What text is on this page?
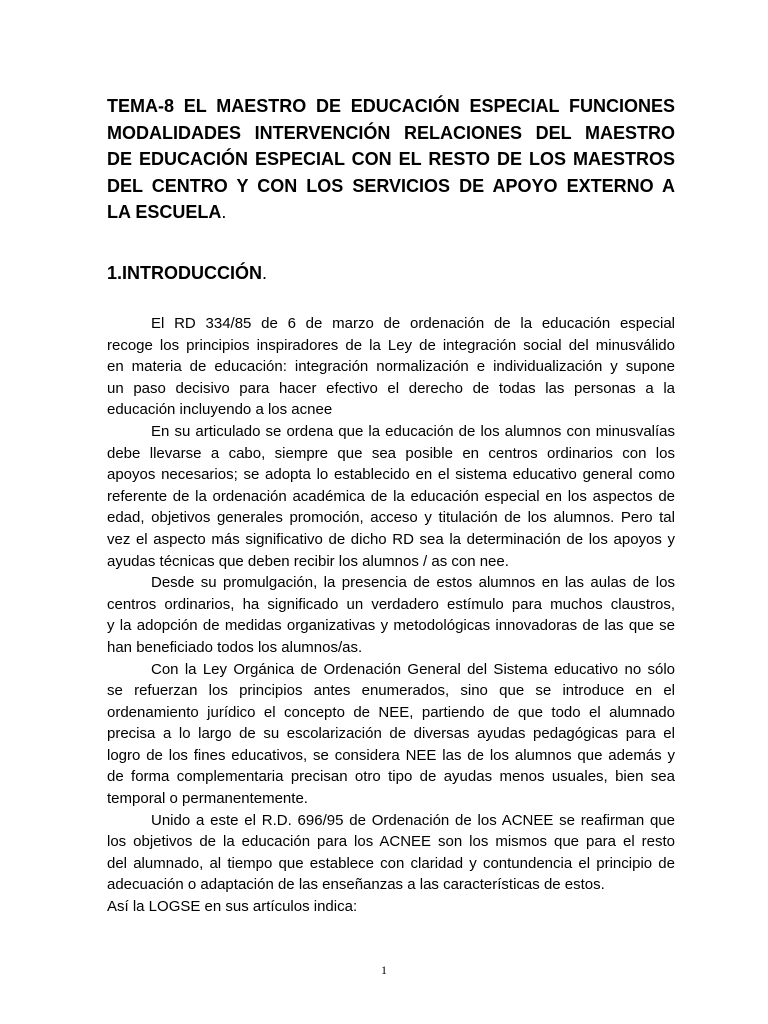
TEMA-8 EL MAESTRO DE EDUCACIÓN ESPECIAL FUNCIONES
MODALIDADES INTERVENCIÓN RELACIONES DEL MAESTRO
DE EDUCACIÓN ESPECIAL CON EL RESTO DE LOS MAESTROS
DEL CENTRO Y CON LOS SERVICIOS DE APOYO EXTERNO A
LA ESCUELA.
1.INTRODUCCIÓN.
El RD 334/85 de 6 de marzo de ordenación de la educación especial
recoge los principios inspiradores de la Ley de integración social del minusválido
en materia de educación: integración normalización e individualización y supone
un paso decisivo para hacer efectivo el derecho de todas las personas a la
educación incluyendo a los acnee
En su articulado se ordena que la educación de los alumnos con minusvalías
debe llevarse a cabo, siempre que sea posible en centros ordinarios con los
apoyos necesarios; se adopta lo establecido en el sistema educativo general como
referente de la ordenación académica de la educación especial en los aspectos de
edad, objetivos generales promoción, acceso y titulación de los alumnos. Pero tal
vez el aspecto más significativo de dicho RD sea la determinación de los apoyos y
ayudas técnicas que deben recibir los alumnos / as con nee.
Desde su promulgación, la presencia de estos alumnos en las aulas de los
centros ordinarios, ha significado un verdadero estímulo para muchos claustros,
y la adopción de medidas organizativas y metodológicas innovadoras de las que se
han beneficiado todos los alumnos/as.
Con la Ley Orgánica de Ordenación General del Sistema educativo no sólo
se refuerzan los principios antes enumerados, sino que se introduce en el
ordenamiento jurídico el concepto de NEE, partiendo de que todo el alumnado
precisa a lo largo de su escolarización de diversas ayudas pedagógicas para el
logro de los fines educativos, se considera NEE las de los alumnos que además y
de forma complementaria precisan otro tipo de ayudas menos usuales, bien sea
temporal o permanentemente.
Unido a este el R.D. 696/95 de Ordenación de los ACNEE se reafirman que
los objetivos de la educación para los ACNEE son los mismos que para el resto
del alumnado, al tiempo que establece con claridad y contundencia el principio de
adecuación o adaptación de las enseñanzas a las características de estos.
Así la LOGSE en sus artículos indica:
1
